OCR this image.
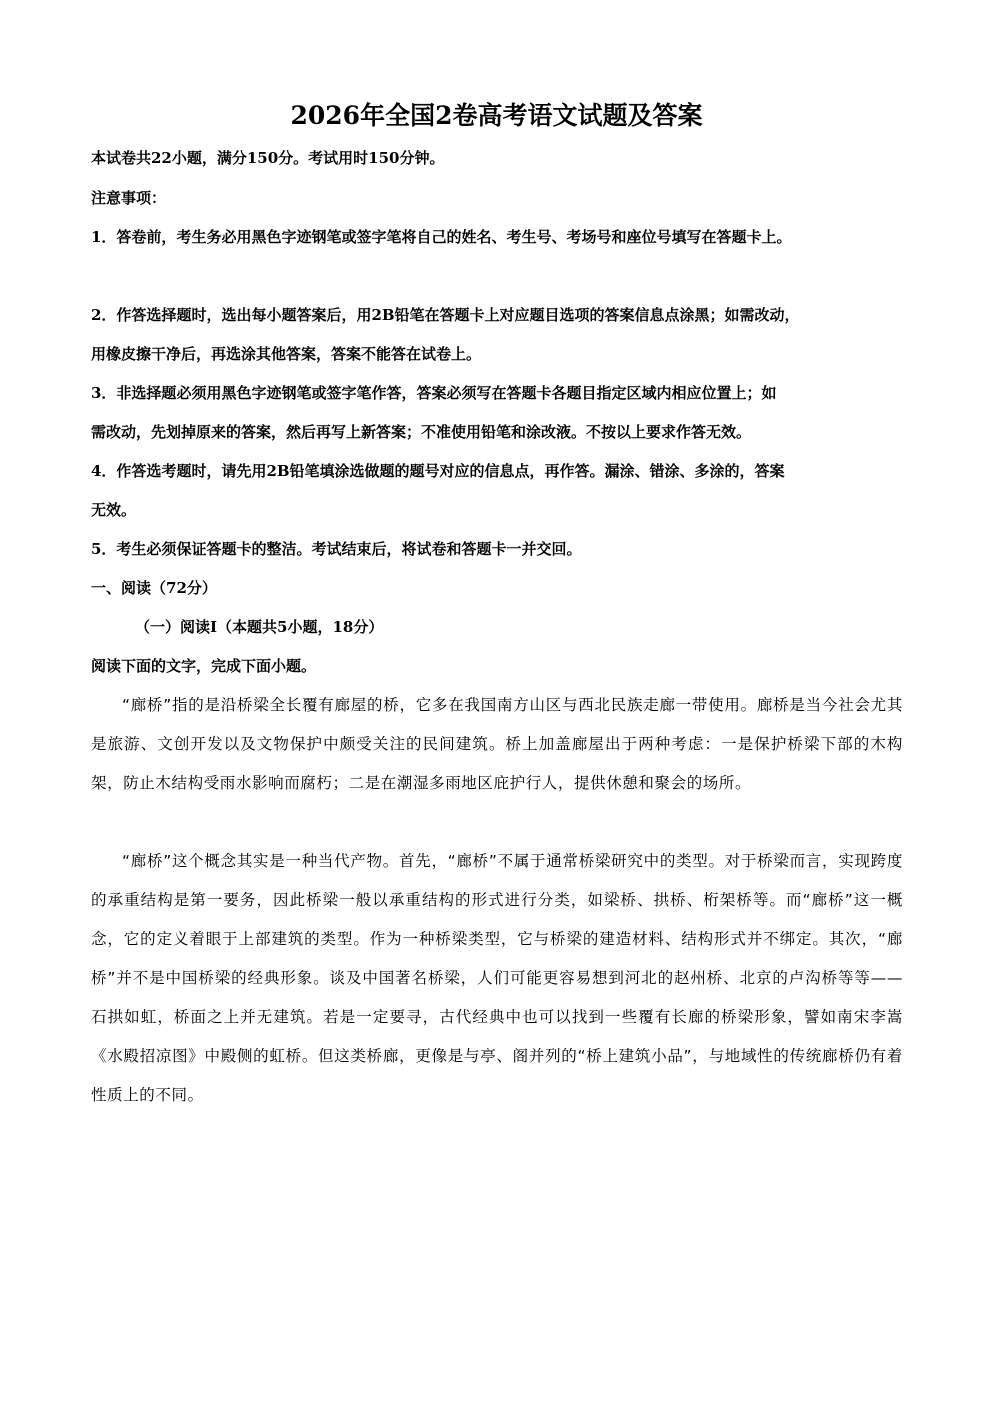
2026年全国2卷高考语文试题及答案

本试卷共22小题，满分150分。考试用时150分钟。

注意事项：

1．答卷前，考生务必用黑色字迹钢笔或签字笔将自己的姓名、考生号、考场号和座位号填写在答题卡上。

2．作答选择题时，选出每小题答案后，用2B铅笔在答题卡上对应题目选项的答案信息点涂黑；如需改动，

用橡皮擦干净后，再选涂其他答案，答案不能答在试卷上。

3．非选择题必须用黑色字迹钢笔或签字笔作答，答案必须写在答题卡各题目指定区域内相应位置上；如

需改动，先划掉原来的答案，然后再写上新答案；不准使用铅笔和涂改液。不按以上要求作答无效。

4．作答选考题时，请先用2B铅笔填涂选做题的题号对应的信息点，再作答。漏涂、错涂、多涂的，答案

无效。

5．考生必须保证答题卡的整洁。考试结束后，将试卷和答题卡一并交回。

一、阅读（72分）

（一）阅读Ⅰ（本题共5小题，18分）

阅读下面的文字，完成下面小题。

“廊桥”指的是沿桥梁全长覆有廊屋的桥，它多在我国南方山区与西北民族走廊一带使用。廊桥是当今社会尤其是旅游、文创开发以及文物保护中颇受关注的民间建筑。桥上加盖廊屋出于两种考虑：一是保护桥梁下部的木构架，防止木结构受雨水影响而腐朽；二是在潮湿多雨地区庇护行人，提供休憩和聚会的场所。

“廊桥”这个概念其实是一种当代产物。首先，“廊桥”不属于通常桥梁研究中的类型。对于桥梁而言，实现跨度的承重结构是第一要务，因此桥梁一般以承重结构的形式进行分类，如梁桥、拱桥、桁架桥等。而“廊桥”这一概念，它的定义着眼于上部建筑的类型。作为一种桥梁类型，它与桥梁的建造材料、结构形式并不绑定。其次，“廊桥”并不是中国桥梁的经典形象。谈及中国著名桥梁，人们可能更容易想到河北的赵州桥、北京的卢沟桥等等——石拱如虹，桥面之上并无建筑。若是一定要寻，古代经典中也可以找到一些覆有长廊的桥梁形象，譬如南宋李嵩《水殿招凉图》中殿侧的虹桥。但这类桥廊，更像是与亭、阁并列的“桥上建筑小品”，与地域性的传统廊桥仍有着性质上的不同。
